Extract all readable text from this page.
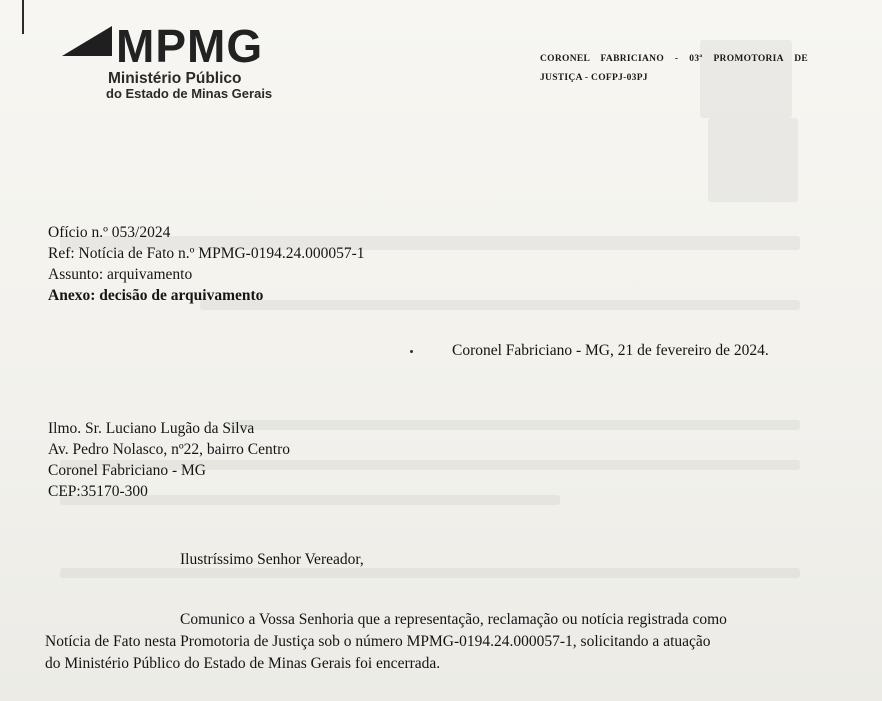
MPMG
Ministério Público
do Estado de Minas Gerais
CORONEL FABRICIANO - 03ª PROMOTORIA DE JUSTIÇA - COFPJ-03PJ
Ofício n.º 053/2024
Ref: Notícia de Fato n.º MPMG-0194.24.000057-1
Assunto: arquivamento
Anexo: decisão de arquivamento
Coronel Fabriciano - MG, 21 de fevereiro de 2024.
Ilmo. Sr. Luciano Lugão da Silva
Av. Pedro Nolasco, nº22, bairro Centro
Coronel Fabriciano - MG
CEP:35170-300
Ilustríssimo Senhor Vereador,
Comunico a Vossa Senhoria que a representação, reclamação ou notícia registrada como
Notícia de Fato nesta Promotoria de Justiça sob o número MPMG-0194.24.000057-1, solicitando a atuação
do Ministério Público do Estado de Minas Gerais foi encerrada.
